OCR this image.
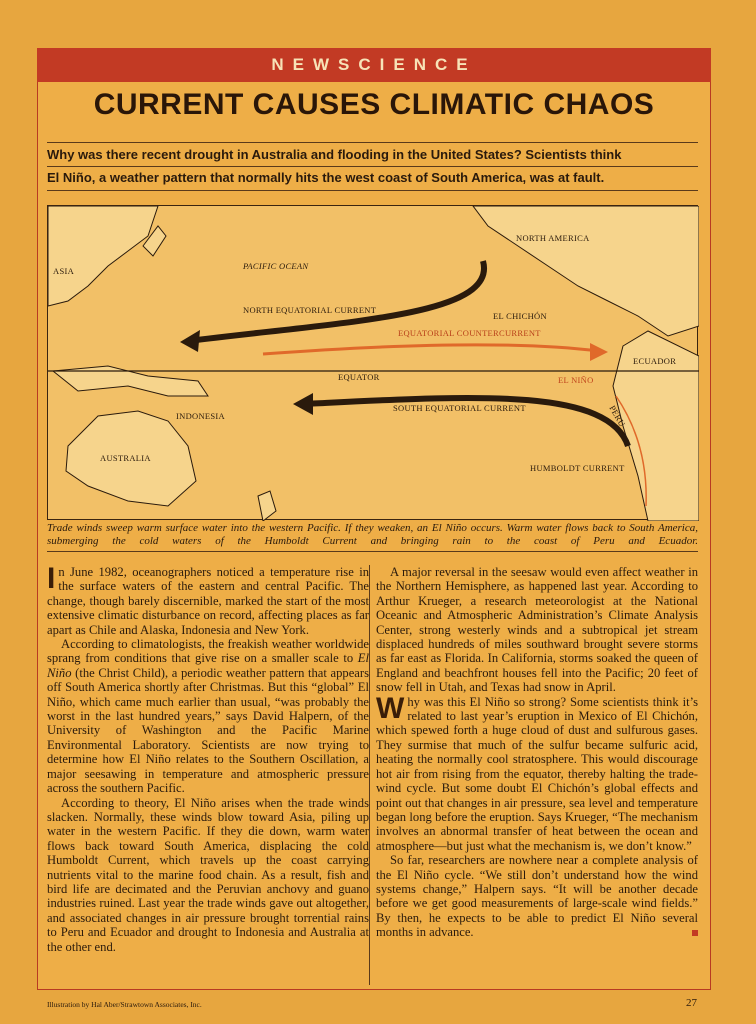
NEWSCIENCE
CURRENT CAUSES CLIMATIC CHAOS
Why was there recent drought in Australia and flooding in the United States? Scientists think
El Niño, a weather pattern that normally hits the west coast of South America, was at fault.
ASIA	PACIFIC OCEAN
NORTH AMERICA
EL CHICHÓN
NORTH EQUATORIAL CURRENT
EQUATORIAL COUNTERCURRENT
ECUADOR
EQUATOR	EL NIÑO
INDONESIA
SOUTH EQUATORIAL CURRENT	PERU
AUSTRALIA
HUMBOLDT CURRENT
Trade winds sweep warm surface water into the western Pacific. If they weaken, an El Niño occurs. Warm water flows back to South America, submerging the cold waters of the Humboldt Current and bringing rain to the coast of Peru and Ecuador.

In June 1982, oceanographers noticed a temperature rise in the surface waters of the eastern and central Pacific. The change, though barely discernible, marked the start of the most extensive climatic disturbance on record, affecting places as far apart as Chile and Alaska, Indonesia and New York.

According to climatologists, the freakish weather worldwide sprang from conditions that give rise on a smaller scale to El Niño (the Christ Child), a periodic weather pattern that appears off South America shortly after Christmas. But this “global” El Niño, which came much earlier than usual, “was probably the worst in the last hundred years,” says David Halpern, of the University of Washington and the Pacific Marine Environmental Laboratory. Scientists are now trying to determine how El Niño relates to the Southern Oscillation, a major seesawing in temperature and atmospheric pressure across the southern Pacific.

According to theory, El Niño arises when the trade winds slacken. Normally, these winds blow toward Asia, piling up water in the western Pacific. If they die down, warm water flows back toward South America, displacing the cold Humboldt Current, which travels up the coast carrying nutrients vital to the marine food chain. As a result, fish and bird life are decimated and the Peruvian anchovy and guano industries ruined. Last year the trade winds gave out altogether, and associated changes in air pressure brought torrential rains to Peru and Ecuador and drought to Indonesia and Australia at the other end.

A major reversal in the seesaw would even affect weather in the Northern Hemisphere, as happened last year. According to Arthur Krueger, a research meteorologist at the National Oceanic and Atmospheric Administration’s Climate Analysis Center, strong westerly winds and a subtropical jet stream displaced hundreds of miles southward brought severe storms as far east as Florida. In California, storms soaked the queen of England and beachfront houses fell into the Pacific; 20 feet of snow fell in Utah, and Texas had snow in April.

Why was this El Niño so strong? Some scientists think it’s related to last year’s eruption in Mexico of El Chichón, which spewed forth a huge cloud of dust and sulfurous gases. They surmise that much of the sulfur became sulfuric acid, heating the normally cool stratosphere. This would discourage hot air from rising from the equator, thereby halting the trade-wind cycle. But some doubt El Chichón’s global effects and point out that changes in air pressure, sea level and temperature began long before the eruption. Says Krueger, “The mechanism involves an abnormal transfer of heat between the ocean and atmosphere—but just what the mechanism is, we don’t know.”

So far, researchers are nowhere near a complete analysis of the El Niño cycle. “We still don’t understand how the wind systems change,” Halpern says. “It will be another decade before we get good measurements of large-scale wind fields.” By then, he expects to be able to predict El Niño several months in advance.

Illustration by Hal Aber/Strawtown Associates, Inc.	27
